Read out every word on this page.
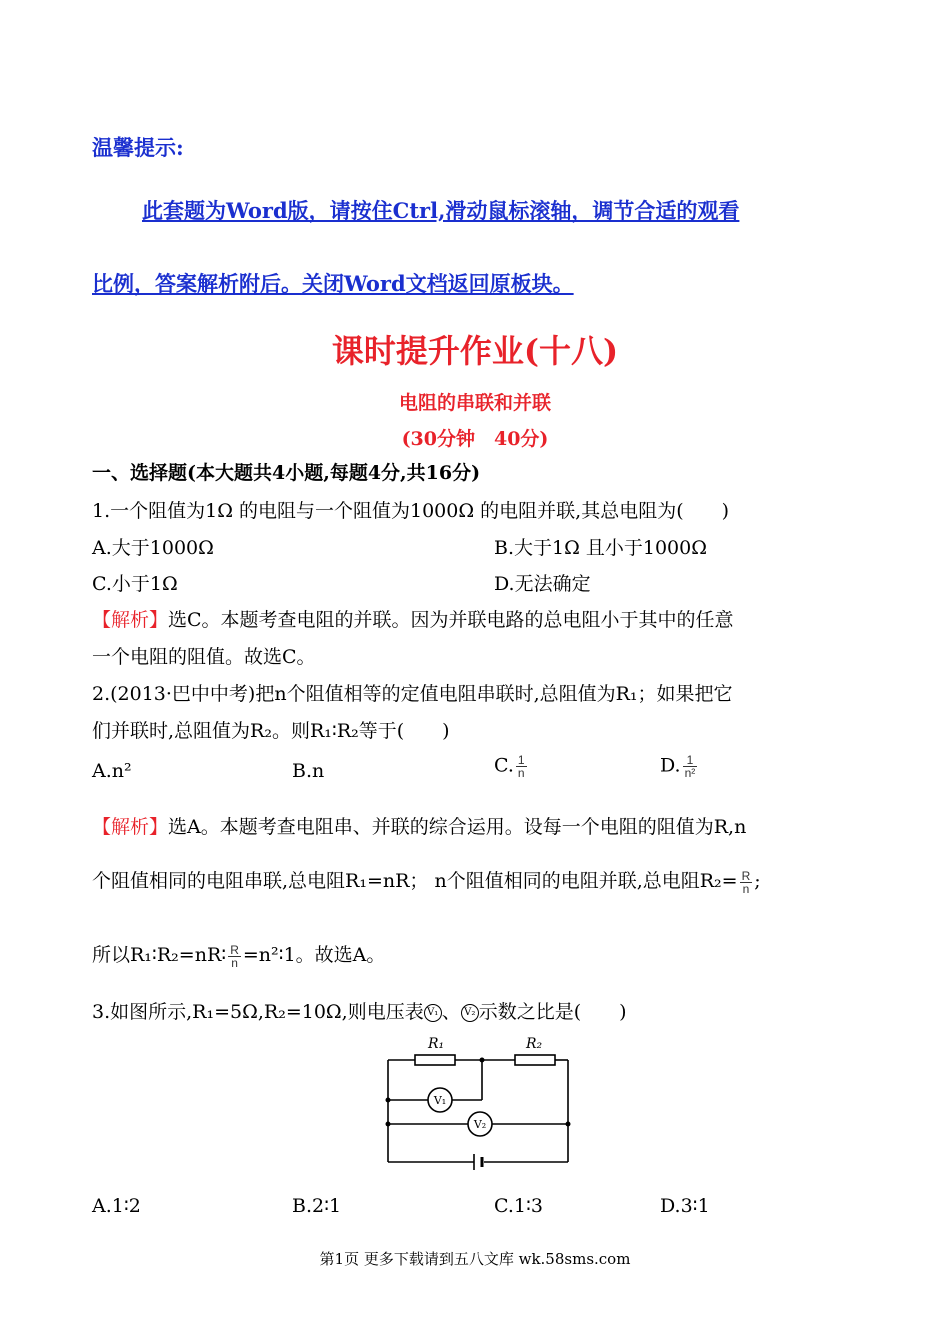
温馨提示:
此套题为Word版，请按住Ctrl,滑动鼠标滚轴，调节合适的观看
比例，答案解析附后。关闭Word文档返回原板块。
课时提升作业(十八)
电阻的串联和并联
(30分钟　40分)
一、选择题(本大题共4小题,每题4分,共16分)
1.一个阻值为1Ω 的电阻与一个阻值为1000Ω 的电阻并联,其总电阻为(　　)
A.大于1000Ω	B.大于1Ω 且小于1000Ω
C.小于1Ω	D.无法确定
【解析】选C。本题考查电阻的并联。因为并联电路的总电阻小于其中的任意
一个电阻的阻值。故选C。
2.(2013·巴中中考)把n个阻值相等的定值电阻串联时,总阻值为R₁；如果把它
们并联时,总阻值为R₂。则R₁∶R₂等于(　　)
A.n²	B.n	C. $\frac{1}{n}$	D. $\frac{1}{\text{n²}}$
【解析】选A。本题考查电阻串、并联的综合运用。设每一个电阻的阻值为R,n
个阻值相同的电阻串联,总电阻R₁=nR； n个阻值相同的电阻并联,总电阻$R_2= \frac{R}{n}$ ;
所以R₁∶R₂=nR∶ $\frac{R}{n}$ =n²∶1。故选A。
3.如图所示,R₁=5Ω,R₂=10Ω,则电压表 V₁ 、 V₂ 示数之比是(　　)
R₁	R₂
V₁
V₂
A.1∶2	B.2∶1	C.1∶3	D.3∶1
第1页 更多下载请到五八文库 wk.58sms.com
